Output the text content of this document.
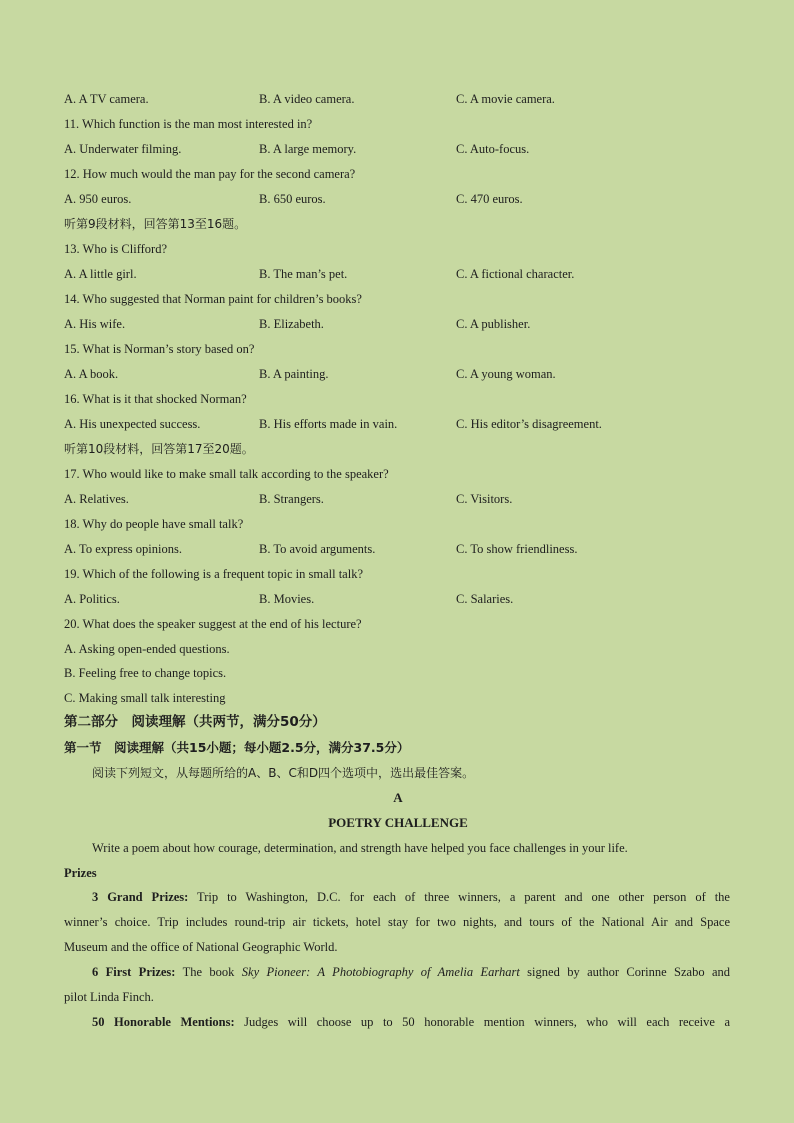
A. A TV camera.	B. A video camera.	C. A movie camera.
11. Which function is the man most interested in?
A. Underwater filming.	B. A large memory.	C. Auto-focus.
12. How much would the man pay for the second camera?
A. 950 euros.	B. 650 euros.	C. 470 euros.
听第9段材料，回答第13至16题。
13. Who is Clifford?
A. A little girl.	B. The man’s pet.	C. A fictional character.
14. Who suggested that Norman paint for children’s books?
A. His wife.	B. Elizabeth.	C. A publisher.
15. What is Norman’s story based on?
A. A book.	B. A painting.	C. A young woman.
16. What is it that shocked Norman?
A. His unexpected success.	B. His efforts made in vain.	C. His editor’s disagreement.
听第10段材料，回答第17至20题。
17. Who would like to make small talk according to the speaker?
A. Relatives.	B. Strangers.	C. Visitors.
18. Why do people have small talk?
A. To express opinions.	B. To avoid arguments.	C. To show friendliness.
19. Which of the following is a frequent topic in small talk?
A. Politics.	B. Movies.	C. Salaries.
20. What does the speaker suggest at the end of his lecture?
A. Asking open-ended questions.
B. Feeling free to change topics.
C. Making small talk interesting
第二部分　阅读理解（共两节，满分50分）
第一节　阅读理解（共15小题；每小题2.5分，满分37.5分）
阅读下列短文，从每题所给的A、B、C和D四个选项中，选出最佳答案。
A
POETRY CHALLENGE
Write a poem about how courage, determination, and strength have helped you face challenges in your life.
Prizes
3 Grand Prizes: Trip to Washington, D.C. for each of three winners, a parent and one other person of the
winner’s choice. Trip includes round-trip air tickets, hotel stay for two nights, and tours of the National Air and Space
Museum and the office of National Geographic World.
6 First Prizes: The book Sky Pioneer: A Photobiography of Amelia Earhart signed by author Corinne Szabo and
pilot Linda Finch.
50 Honorable Mentions: Judges will choose up to 50 honorable mention winners, who will each receive a
